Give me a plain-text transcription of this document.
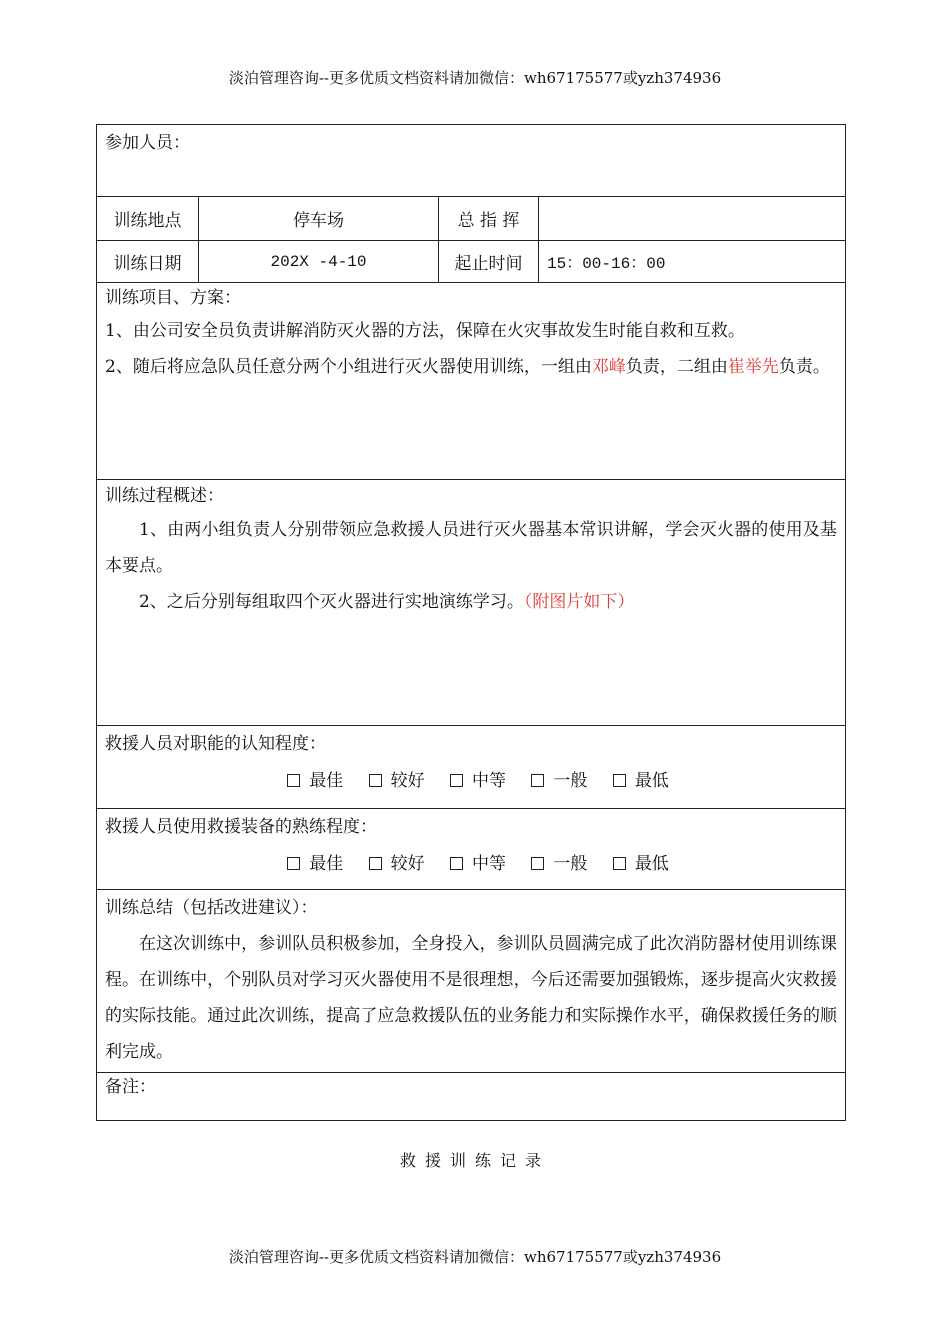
淡泊管理咨询--更多优质文档资料请加微信：wh67175577或yzh374936

参加人员：			

训练地点	停车场	总 指 挥	
训练日期	202X -4-10	起止时间	15：00-16：00

训练项目、方案：

1、由公司安全员负责讲解消防灭火器的方法，保障在火灾事故发生时能自救和互救。

2、随后将应急队员任意分两个小组进行灭火器使用训练，一组由邓峰负责，二组由崔举先负责。			

训练过程概述：

1、由两小组负责人分别带领应急救援人员进行灭火器基本常识讲解，学会灭火器的使用及基本要点。

2、之后分别每组取四个灭火器进行实地演练学习。（附图片如下）			

救援人员对职能的认知程度：

最佳 较好 中等 一般 最低			

救援人员使用救援装备的熟练程度：

最佳 较好 中等 一般 最低			

训练总结（包括改进建议）：

在这次训练中，参训队员积极参加，全身投入，参训队员圆满完成了此次消防器材使用训练课程。在训练中，个别队员对学习灭火器使用不是很理想，今后还需要加强锻炼，逐步提高火灾救援的实际技能。通过此次训练，提高了应急救援队伍的业务能力和实际操作水平，确保救援任务的顺利完成。			

备注：			

救援训练记录
淡泊管理咨询--更多优质文档资料请加微信：wh67175577或yzh374936
